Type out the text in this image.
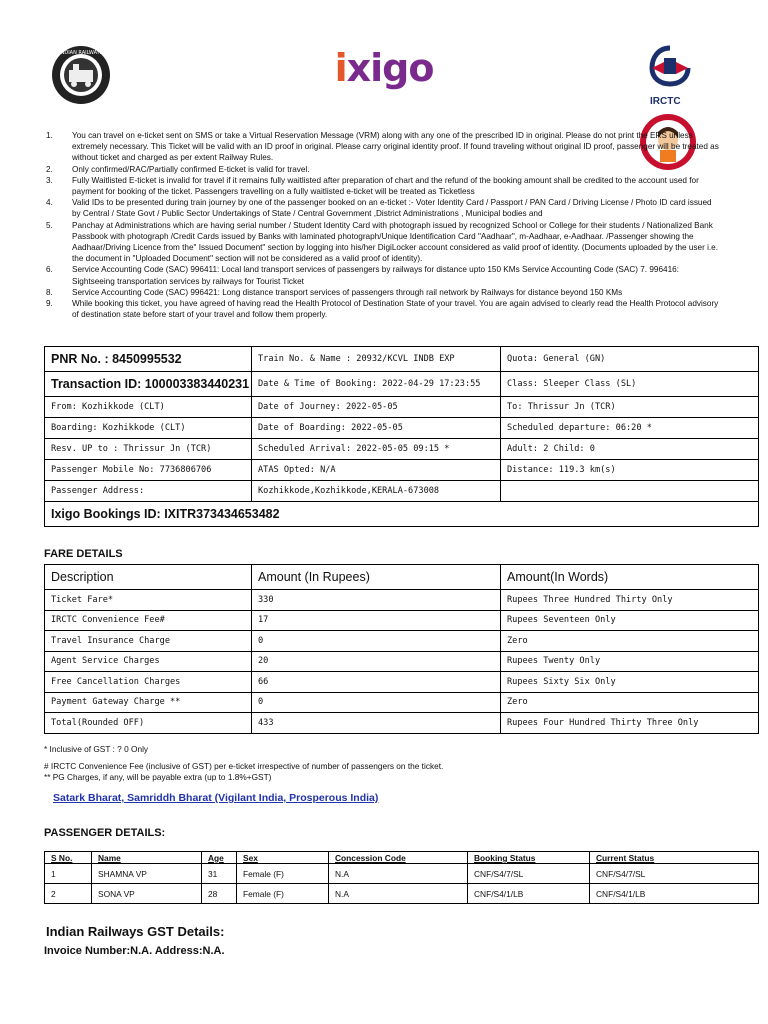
INDIAN RAILWAYS	ixigo
IRCTC
1. You can travel on e-ticket sent on SMS or take a Virtual Reservation Message (VRM) along with any one of the prescribed ID in original. Please do not print the ERS unless extremely necessary. This Ticket will be valid with an ID proof in original. Please carry original identity proof. If found traveling without original ID proof, passenger will be treated as without ticket and charged as per extent Railway Rules.
2. Only confirmed/RAC/Partially confirmed E-ticket is valid for travel.
3. Fully Waitlisted E-ticket is invalid for travel if it remains fully waitlisted after preparation of chart and the refund of the booking amount shall be credited to the account used for payment for booking of the ticket. Passengers travelling on a fully waitlisted e-ticket will be treated as Ticketless
4. Valid IDs to be presented during train journey by one of the passenger booked on an e-ticket :- Voter Identity Card / Passport / PAN Card / Driving License / Photo ID card issued by Central / State Govt / Public Sector Undertakings of State / Central Government ,District Administrations , Municipal bodies and
5. Panchay at Administrations which are having serial number / Student Identity Card with photograph issued by recognized School or College for their students / Nationalized Bank Passbook with photograph /Credit Cards issued by Banks with laminated photograph/Unique Identification Card "Aadhaar", m-Aadhaar, e-Aadhaar. /Passenger showing the Aadhaar/Driving Licence from the" Issued Document" section by logging into his/her DigiLocker account considered as valid proof of identity. (Documents uploaded by the user i.e. the document in "Uploaded Document" section will not be considered as a valid proof of identity).
6. Service Accounting Code (SAC) 996411: Local land transport services of passengers by railways for distance upto 150 KMs Service Accounting Code (SAC) 7. 996416: Sightseeing transportation services by railways for Tourist Ticket
8. Service Accounting Code (SAC) 996421: Long distance transport services of passengers through rail network by Railways for distance beyond 150 KMs
9. While booking this ticket, you have agreed of having read the Health Protocol of Destination State of your travel. You are again advised to clearly read the Health Protocol advisory of destination state before start of your travel and follow them properly.
PNR No. : 8450995532	Train No. & Name : 20932/KCVL INDB EXP	Quota: General (GN)
Transaction ID: 100003383440231	Date & Time of Booking: 2022-04-29 17:23:55	Class: Sleeper Class (SL)
From: Kozhikkode (CLT)	Date of Journey: 2022-05-05	To: Thrissur Jn (TCR)
Boarding: Kozhikkode (CLT)	Date of Boarding: 2022-05-05	Scheduled departure: 06:20 *
Resv. UP to : Thrissur Jn (TCR)	Scheduled Arrival: 2022-05-05 09:15 *	Adult: 2 Child: 0
Passenger Mobile No: 7736806706	ATAS Opted: N/A	Distance: 119.3 km(s)
Passenger Address:	Kozhikkode,Kozhikkode,KERALA-673008	
Ixigo Bookings ID: IXITR373434653482		
FARE DETAILS
Description	Amount (In Rupees)	Amount(In Words)
Ticket Fare*	330	Rupees Three Hundred Thirty Only
IRCTC Convenience Fee#	17	Rupees Seventeen Only
Travel Insurance Charge	0	Zero
Agent Service Charges	20	Rupees Twenty Only
Free Cancellation Charges	66	Rupees Sixty Six Only
Payment Gateway Charge **	0	Zero
Total(Rounded OFF)	433	Rupees Four Hundred Thirty Three Only
* Inclusive of GST : ? 0 Only
# IRCTC Convenience Fee (inclusive of GST) per e-ticket irrespective of number of passengers on the ticket.
** PG Charges, if any, will be payable extra (up to 1.8%+GST)
Satark Bharat, Samriddh Bharat (Vigilant India, Prosperous India)
PASSENGER DETAILS:
S No.	Name	Age	Sex	Concession Code	Booking Status	Current Status
1	SHAMNA VP	31	Female (F)	N.A	CNF/S4/7/SL	CNF/S4/7/SL
2	SONA VP	28	Female (F)	N.A	CNF/S4/1/LB	CNF/S4/1/LB
Indian Railways GST Details:
Invoice Number:N.A. Address:N.A.
